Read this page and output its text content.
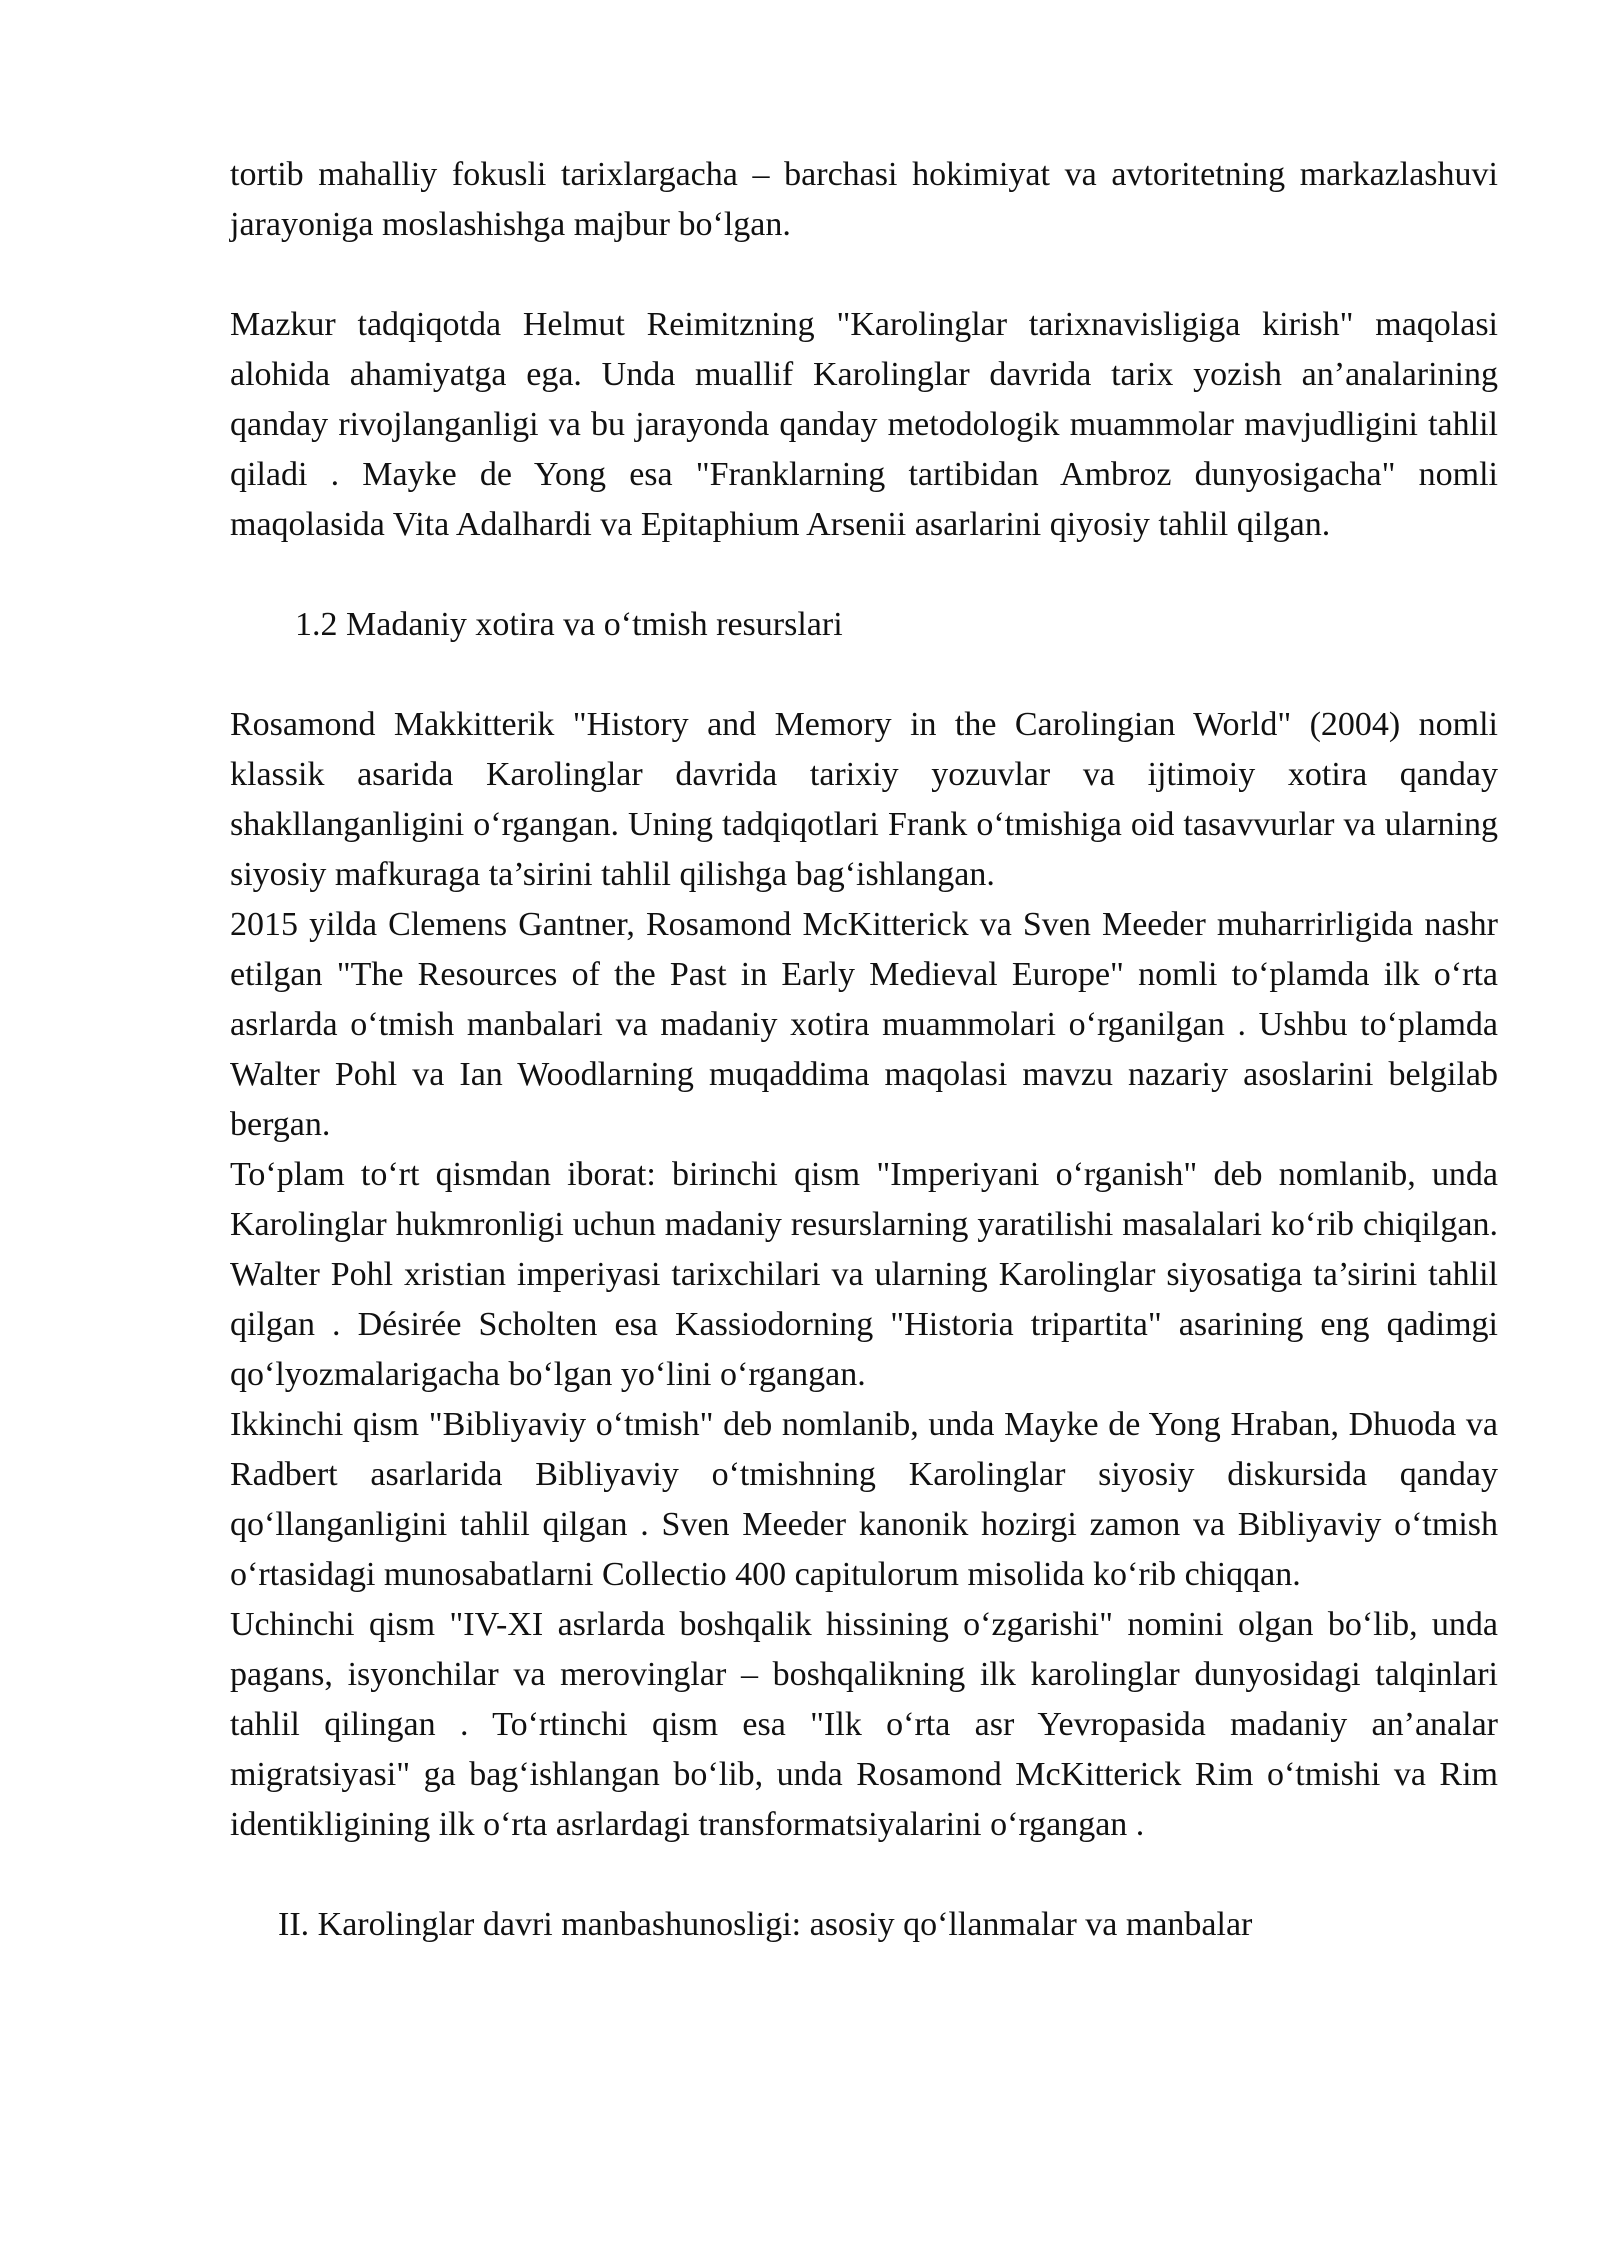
tortib mahalliy fokusli tarixlargacha – barchasi hokimiyat va avtoritetning markazlashuvi jarayoniga moslashishga majbur bo‘lgan.

Mazkur tadqiqotda Helmut Reimitzning "Karolinglar tarixnavisligiga kirish" maqolasi alohida ahamiyatga ega. Unda muallif Karolinglar davrida tarix yozish an’analarining qanday rivojlanganligi va bu jarayonda qanday metodologik muammolar mavjudligini tahlil qiladi . Mayke de Yong esa "Franklarning tartibidan Ambroz dunyosigacha" nomli maqolasida Vita Adalhardi va Epitaphium Arsenii asarlarini qiyosiy tahlil qilgan.

1.2 Madaniy xotira va o‘tmish resurslari

Rosamond Makkitterik "History and Memory in the Carolingian World" (2004) nomli klassik asarida Karolinglar davrida tarixiy yozuvlar va ijtimoiy xotira qanday shakllanganligini o‘rgangan. Uning tadqiqotlari Frank o‘tmishiga oid tasavvurlar va ularning siyosiy mafkuraga ta’sirini tahlil qilishga bag‘ishlangan.

2015 yilda Clemens Gantner, Rosamond McKitterick va Sven Meeder muharrirligida nashr etilgan "The Resources of the Past in Early Medieval Europe" nomli to‘plamda ilk o‘rta asrlarda o‘tmish manbalari va madaniy xotira muammolari o‘rganilgan . Ushbu to‘plamda Walter Pohl va Ian Woodlarning muqaddima maqolasi mavzu nazariy asoslarini belgilab bergan.

To‘plam to‘rt qismdan iborat: birinchi qism "Imperiyani o‘rganish" deb nomlanib, unda Karolinglar hukmronligi uchun madaniy resurslarning yaratilishi masalalari ko‘rib chiqilgan. Walter Pohl xristian imperiyasi tarixchilari va ularning Karolinglar siyosatiga ta’sirini tahlil qilgan . Désirée Scholten esa Kassiodorning "Historia tripartita" asarining eng qadimgi qo‘lyozmalarigacha bo‘lgan yo‘lini o‘rgangan.

Ikkinchi qism "Bibliyaviy o‘tmish" deb nomlanib, unda Mayke de Yong Hraban, Dhuoda va Radbert asarlarida Bibliyaviy o‘tmishning Karolinglar siyosiy diskursida qanday qo‘llanganligini tahlil qilgan . Sven Meeder kanonik hozirgi zamon va Bibliyaviy o‘tmish o‘rtasidagi munosabatlarni Collectio 400 capitulorum misolida ko‘rib chiqqan.

Uchinchi qism "IV-XI asrlarda boshqalik hissining o‘zgarishi" nomini olgan bo‘lib, unda pagans, isyonchilar va merovinglar – boshqalikning ilk karolinglar dunyosidagi talqinlari tahlil qilingan . To‘rtinchi qism esa "Ilk o‘rta asr Yevropasida madaniy an’analar migratsiyasi" ga bag‘ishlangan bo‘lib, unda Rosamond McKitterick Rim o‘tmishi va Rim identikligining ilk o‘rta asrlardagi transformatsiyalarini o‘rgangan .

II. Karolinglar davri manbashunosligi: asosiy qo‘llanmalar va manbalar
